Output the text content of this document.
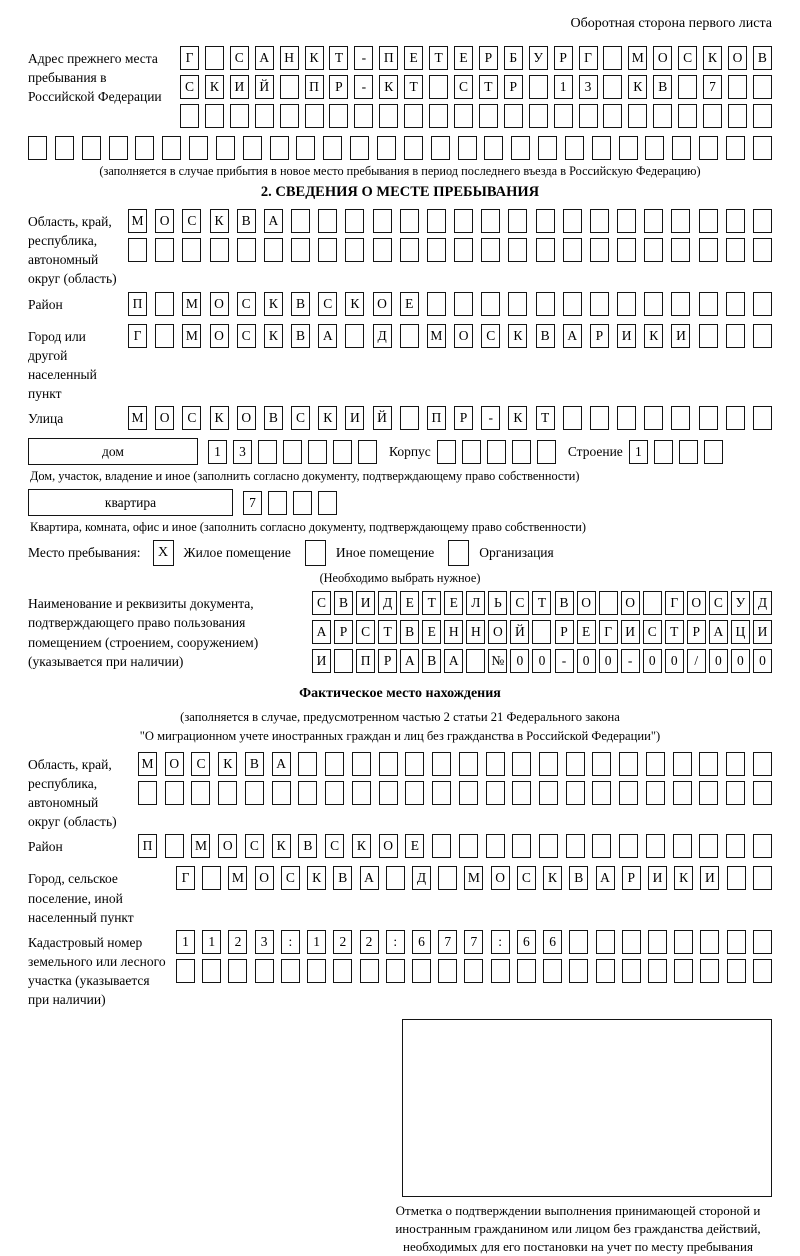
Оборотная сторона первого листа
Адрес прежнего места пребывания в Российской Федерации
Г	С	А	Н	К	Т	-	П	Е	Т	Е	Р	Б	У	Р	Г	М	О	С	К	О	В
С	К	И	Й	П	Р	-	К	Т	С	Т	Р	1	3	К	В	7
(заполняется в случае прибытия в новое место пребывания в период последнего въезда в Российскую Федерацию)
2. СВЕДЕНИЯ О МЕСТЕ ПРЕБЫВАНИЯ
Область, край, республика, автономный округ (область)
М	О	С	К	В	А
Район	П	М	О	С	К	В	С	К	О	Е
Город или другой населенный пункт
Г	М	О	С	К	В	А	Д	М	О	С	К	В	А	Р	И	К	И
Улица	М	О	С	К	О	В	С	К	И	Й	П	Р	-	К	Т
дом	1	3	Корпус	Строение 1
Дом, участок, владение и иное (заполнить согласно документу, подтверждающему право собственности)
квартира	7
Квартира, комната, офис и иное (заполнить согласно документу, подтверждающему право собственности)
Место пребывания:	X	Жилое помещение	Иное помещение	Организация
(Необходимо выбрать нужное)
Наименование и реквизиты документа, подтверждающего право пользования помещением (строением, сооружением) (указывается при наличии)
С В И Д Е	Т	Е Л	Ь	С Т В О	О	Г О С У Д
А Р	С Т В Е Н Н О Й	Р	Е	Г И С Т	Р А Ц И
И	П Р А В А	№ 0	0	-	0	0	-	0	0	/	0	0	0
Фактическое место нахождения
(заполняется в случае, предусмотренном частью 2 статьи 21 Федерального закона
"О миграционном учете иностранных граждан и лиц без гражданства в Российской Федерации")
Область, край, республика, автономный округ (область)
М	О	С	К	В	А
Район	П	М	О	С	К	В	С	К	О	Е
Город, сельское поселение, иной населенный пункт
Г	М	О	С	К	В	А	Д	М	О	С	К	В	А	Р	И	К	И
Кадастровый номер земельного или лесного участка (указывается при наличии)
1	1	2	3	:	1	2	2	:	6	7	7	:	6	6
Отметка о подтверждении выполнения принимающей стороной и иностранным гражданином или лицом без гражданства действий, необходимых для его постановки на учет по месту пребывания
